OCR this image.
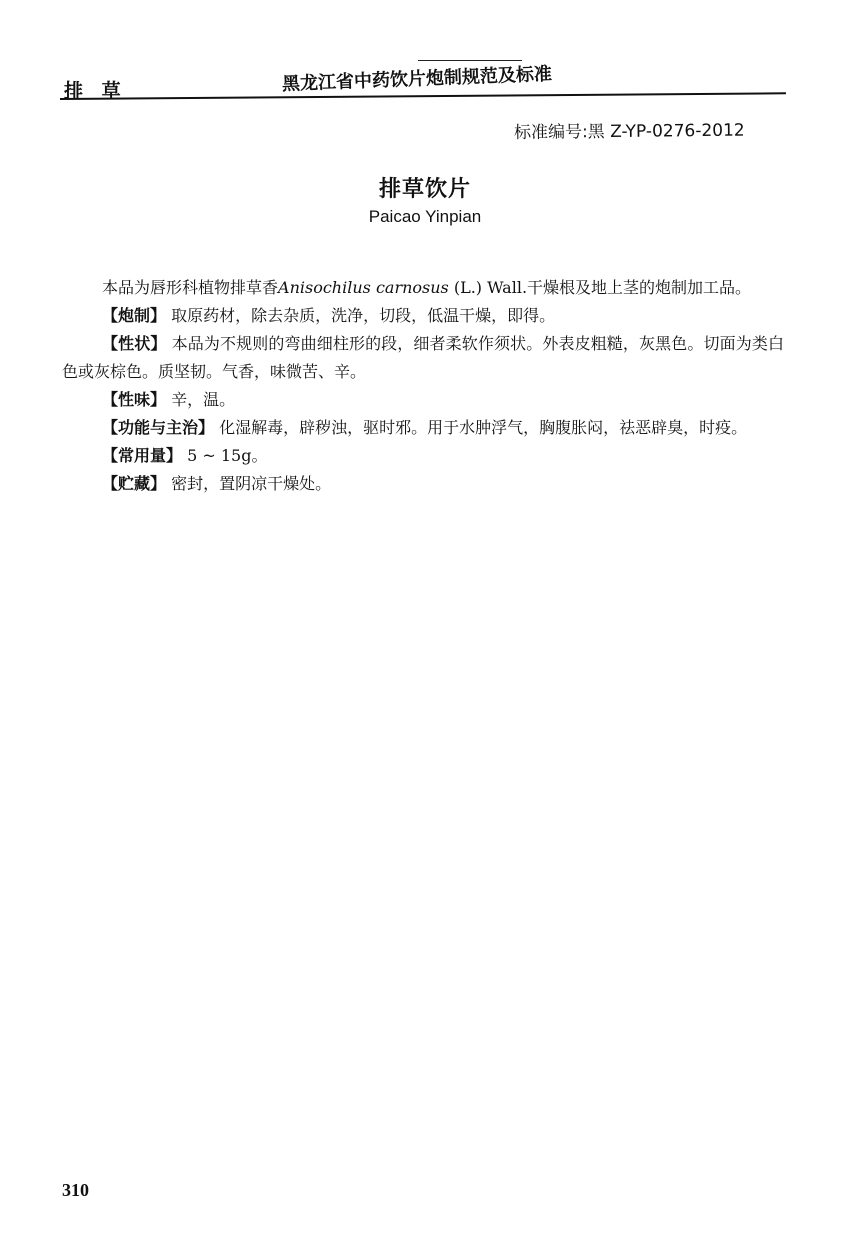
排 草	黑龙江省中药饮片炮制规范及标准
标准编号:黑 Z-YP-0276-2012
排草饮片
Paicao Yinpian

本品为唇形科植物排草香Anisochilus carnosus (L.) Wall.干燥根及地上茎的炮制加工品。

【炮制】 取原药材，除去杂质，洗净，切段，低温干燥，即得。

【性状】 本品为不规则的弯曲细柱形的段，细者柔软作须状。外表皮粗糙，灰黑色。切面为类白色或灰棕色。质坚韧。气香，味微苦、辛。

【性味】 辛，温。

【功能与主治】 化湿解毒，辟秽浊，驱时邪。用于水肿浮气，胸腹胀闷，祛恶辟臭，时疫。

【常用量】 5 ~ 15g。

【贮藏】 密封，置阴凉干燥处。

310
